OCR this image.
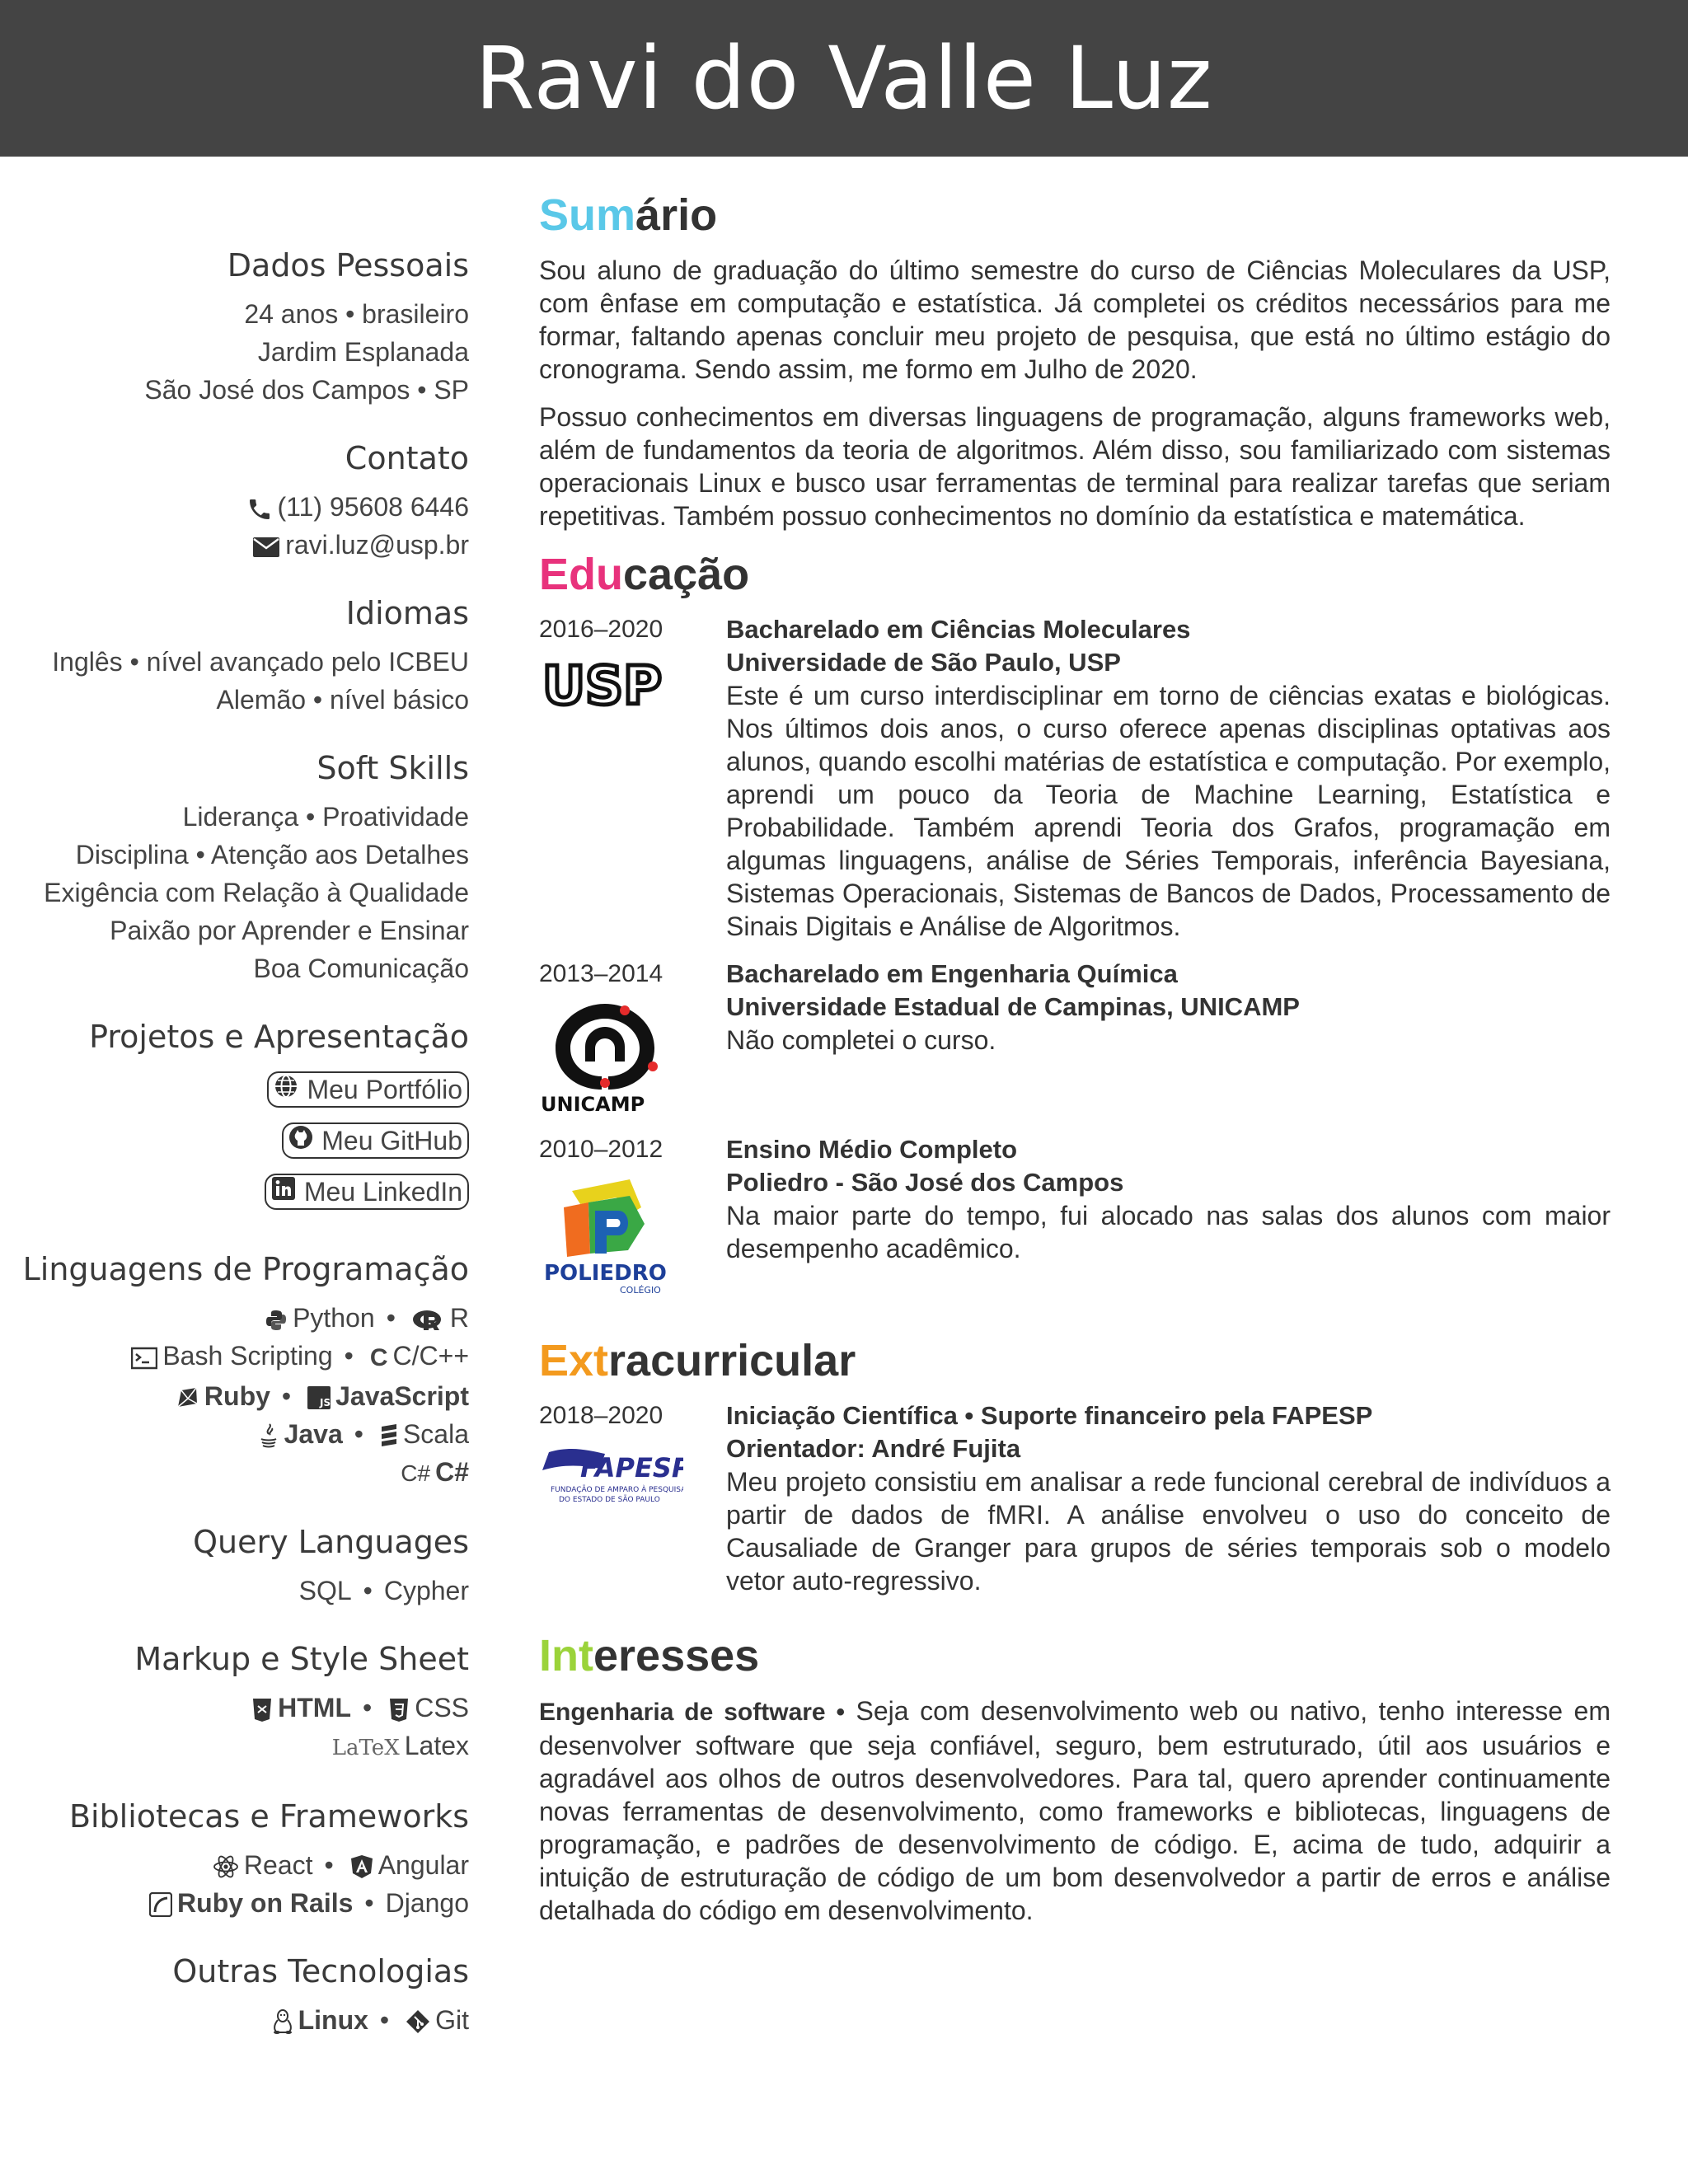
Ravi do Valle Luz
Dados Pessoais
24 anos • brasileiro
Jardim Esplanada
São José dos Campos • SP
Contato
(11) 95608 6446
ravi.luz@usp.br
Idiomas
Inglês • nível avançado pelo ICBEU
Alemão • nível básico
Soft Skills
Liderança • Proatividade
Disciplina • Atenção aos Detalhes
Exigência com Relação à Qualidade
Paixão por Aprender e Ensinar
Boa Comunicação
Projetos e Apresentação
Meu Portfólio
Meu GitHub
Meu LinkedIn
Linguagens de Programação
Python • R
Bash Scripting • C C/C++
Ruby •	JS JavaScript
Java • Scala
C# C#
Query Languages
SQL • Cypher
Markup e Style Sheet
HTML • CSS
LaTeX Latex
Bibliotecas e Frameworks
React • Angular
Ruby on Rails • Django
Outras Tecnologias
Linux • Git
Sumário

Sou aluno de graduação do último semestre do curso de Ciências Moleculares da USP, com ênfase em computação e estatística. Já completei os créditos necessários para me formar, faltando apenas concluir meu projeto de pesquisa, que está no último estágio do cronograma. Sendo assim, me formo em Julho de 2020.

Possuo conhecimentos em diversas linguagens de programação, alguns frameworks web, além de fundamentos da teoria de algoritmos. Além disso, sou familiarizado com sistemas operacionais Linux e busco usar ferramentas de terminal para realizar tarefas que seriam repetitivas. Também possuo conhecimentos no domínio da estatística e matemática.

Educação
2016–2020
USP
Bacharelado em Ciências Moleculares
Universidade de São Paulo, USP
Este é um curso interdisciplinar em torno de ciências exatas e biológicas. Nos últimos dois anos, o curso oferece apenas disciplinas optativas aos alunos, quando escolhi matérias de estatística e computação. Por exemplo, aprendi um pouco da Teoria de Machine Learning, Estatística e Probabilidade. Também aprendi Teoria dos Grafos, programação em algumas linguagens, análise de Séries Temporais, inferência Bayesiana, Sistemas Operacionais, Sistemas de Bancos de Dados, Processamento de Sinais Digitais e Análise de Algoritmos.
2013–2014
UNICAMP
Bacharelado em Engenharia Química
Universidade Estadual de Campinas, UNICAMP
Não completei o curso.
2010–2012
POLIEDRO
COLÉGIO
Ensino Médio Completo
Poliedro - São José dos Campos
Na maior parte do tempo, fui alocado nas salas dos alunos com maior desempenho acadêmico.
Extracurricular
2018–2020
FAPESP
FUNDAÇÃO DE AMPARO À PESQUISA
DO ESTADO DE SÃO PAULO
Iniciação Científica • Suporte financeiro pela FAPESP
Orientador: André Fujita
Meu projeto consistiu em analisar a rede funcional cerebral de indivíduos a partir de dados de fMRI. A análise envolveu o uso do conceito de Causaliade de Granger para grupos de séries temporais sob o modelo vetor auto-regressivo.
Interesses

Engenharia de software • Seja com desenvolvimento web ou nativo, tenho interesse em desenvolver software que seja confiável, seguro, bem estruturado, útil aos usuários e agradável aos olhos de outros desenvolvedores. Para tal, quero aprender continuamente novas ferramentas de desenvolvimento, como frameworks e bibliotecas, linguagens de programação, e padrões de desenvolvimento de código. E, acima de tudo, adquirir a intuição de estruturação de código de um bom desenvolvedor a partir de erros e análise detalhada do código em desenvolvimento.
